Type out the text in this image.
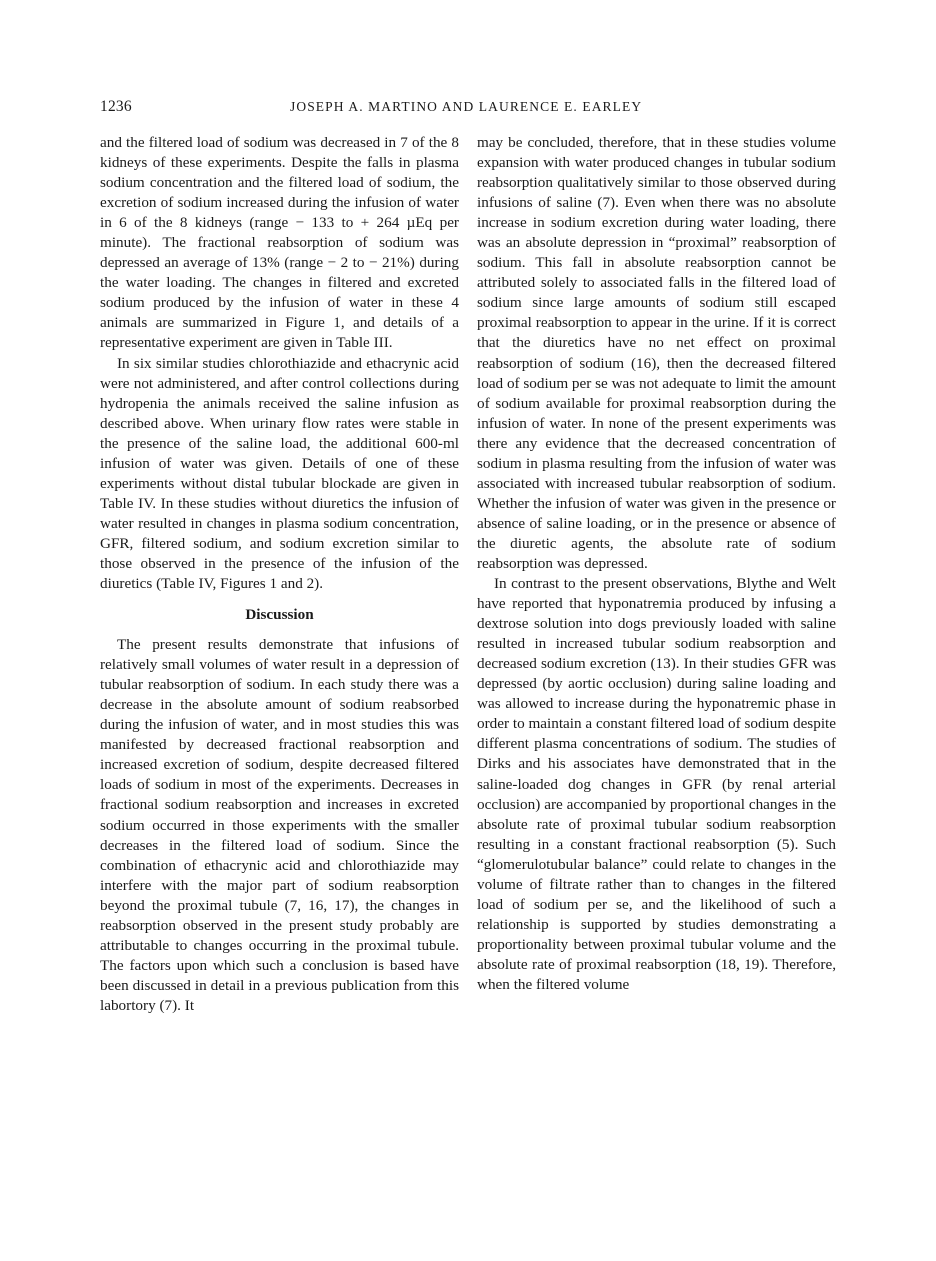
1236	JOSEPH A. MARTINO AND LAURENCE E. EARLEY

and the filtered load of sodium was decreased in 7 of the 8 kidneys of these experiments. Despite the falls in plasma sodium concentration and the filtered load of sodium, the excretion of sodium increased during the infusion of water in 6 of the 8 kidneys (range − 133 to + 264 µEq per minute). The fractional reabsorption of sodium was depressed an average of 13% (range − 2 to − 21%) during the water loading. The changes in filtered and excreted sodium produced by the infusion of water in these 4 animals are summarized in Figure 1, and details of a representative experiment are given in Table III.

In six similar studies chlorothiazide and ethacrynic acid were not administered, and after control collections during hydropenia the animals received the saline infusion as described above. When urinary flow rates were stable in the presence of the saline load, the additional 600-ml infusion of water was given. Details of one of these experiments without distal tubular blockade are given in Table IV. In these studies without diuretics the infusion of water resulted in changes in plasma sodium concentration, GFR, filtered sodium, and sodium excretion similar to those observed in the presence of the infusion of the diuretics (Table IV, Figures 1 and 2).

Discussion

The present results demonstrate that infusions of relatively small volumes of water result in a depression of tubular reabsorption of sodium. In each study there was a decrease in the absolute amount of sodium reabsorbed during the infusion of water, and in most studies this was manifested by decreased fractional reabsorption and increased excretion of sodium, despite decreased filtered loads of sodium in most of the experiments. Decreases in fractional sodium reabsorption and increases in excreted sodium occurred in those experiments with the smaller decreases in the filtered load of sodium. Since the combination of ethacrynic acid and chlorothiazide may interfere with the major part of sodium reabsorption beyond the proximal tubule (7, 16, 17), the changes in reabsorption observed in the present study probably are attributable to changes occurring in the proximal tubule. The factors upon which such a conclusion is based have been discussed in detail in a previous publication from this labortory (7). It

may be concluded, therefore, that in these studies volume expansion with water produced changes in tubular sodium reabsorption qualitatively similar to those observed during infusions of saline (7). Even when there was no absolute increase in sodium excretion during water loading, there was an absolute depression in “proximal” reabsorption of sodium. This fall in absolute reabsorption cannot be attributed solely to associated falls in the filtered load of sodium since large amounts of sodium still escaped proximal reabsorption to appear in the urine. If it is correct that the diuretics have no net effect on proximal reabsorption of sodium (16), then the decreased filtered load of sodium per se was not adequate to limit the amount of sodium available for proximal reabsorption during the infusion of water. In none of the present experiments was there any evidence that the decreased concentration of sodium in plasma resulting from the infusion of water was associated with increased tubular reabsorption of sodium. Whether the infusion of water was given in the presence or absence of saline loading, or in the presence or absence of the diuretic agents, the absolute rate of sodium reabsorption was depressed.

In contrast to the present observations, Blythe and Welt have reported that hyponatremia produced by infusing a dextrose solution into dogs previously loaded with saline resulted in increased tubular sodium reabsorption and decreased sodium excretion (13). In their studies GFR was depressed (by aortic occlusion) during saline loading and was allowed to increase during the hyponatremic phase in order to maintain a constant filtered load of sodium despite different plasma concentrations of sodium. The studies of Dirks and his associates have demonstrated that in the saline-loaded dog changes in GFR (by renal arterial occlusion) are accompanied by proportional changes in the absolute rate of proximal tubular sodium reabsorption resulting in a constant fractional reabsorption (5). Such “glomerulotubular balance” could relate to changes in the volume of filtrate rather than to changes in the filtered load of sodium per se, and the likelihood of such a relationship is supported by studies demonstrating a proportionality between proximal tubular volume and the absolute rate of proximal reabsorption (18, 19). Therefore, when the filtered volume
